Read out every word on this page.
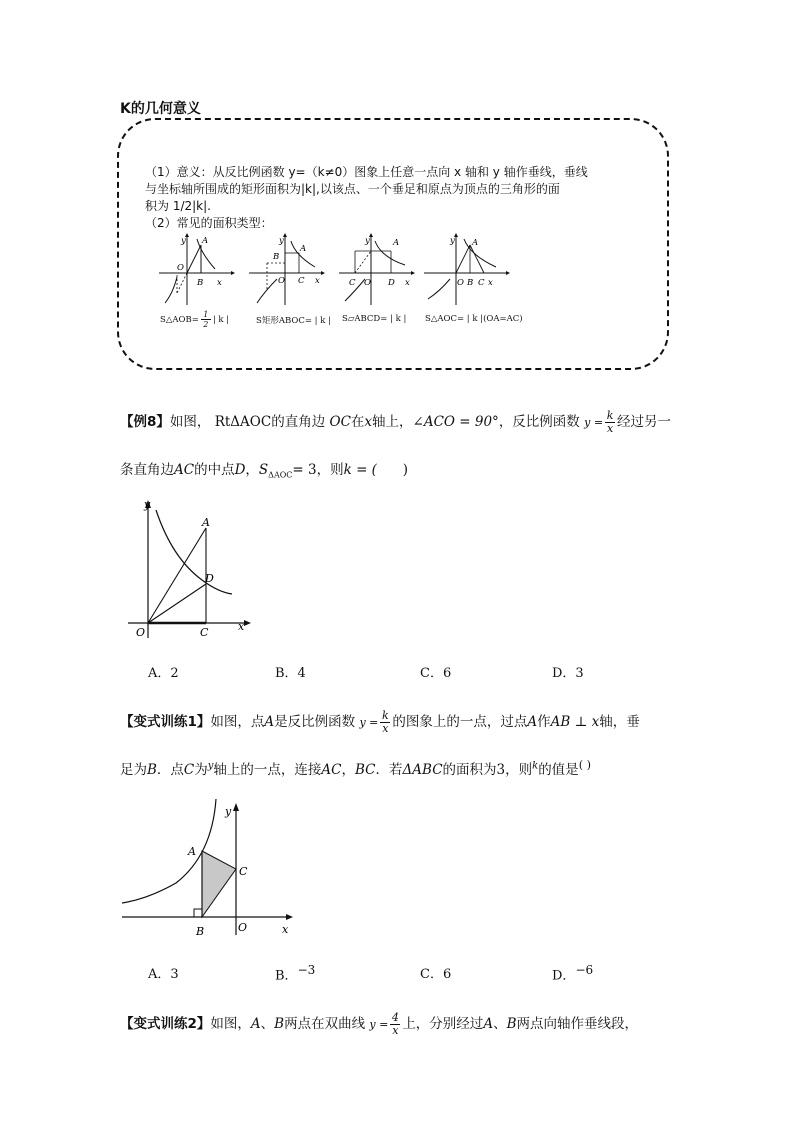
K的几何意义
（1）意义：从反比例函数 y=（k≠0）图象上任意一点向 x 轴和 y 轴作垂线，垂线
与坐标轴所围成的矩形面积为|k|,以该点、一个垂足和原点为顶点的三角形的面
积为 1/2|k|.
（2）常见的面积类型：
y A
O
B x
y
A
B
O C x
y	A
C O D x
y A
O B C x
S△AOB= $\frac{1}{2}$ | k |	S矩形ABOC= | k | S▱ABCD= | k | S△AOC= | k |(OA=AC)
【例8】如图， RtΔAOC的直角边 OC在x轴上，∠ACO = 90°，反比例函数 $y = \frac{k}{x}$ 经过另一
条直角边AC的中点D，$S_{\Delta AOC}= 3$，则k = ( )
y
A
D
O	C	x
A．2	B．4	C．6	D．3
【变式训练1】如图，点A是反比例函数 $y = \frac{k}{x}$ 的图象上的一点，过点A作AB ⊥ x轴，垂
足为B．点C为$^y$轴上的一点，连接AC，BC．若ΔABC的面积为3，则$^k$的值是( )
y
A
C
B	O	x
A．3	B．$^{-3}$	C．6	D．$^{-6}$
【变式训练2】如图，A、B两点在双曲线 $y = \frac{4}{x}$ 上，分别经过A、B两点向轴作垂线段，
